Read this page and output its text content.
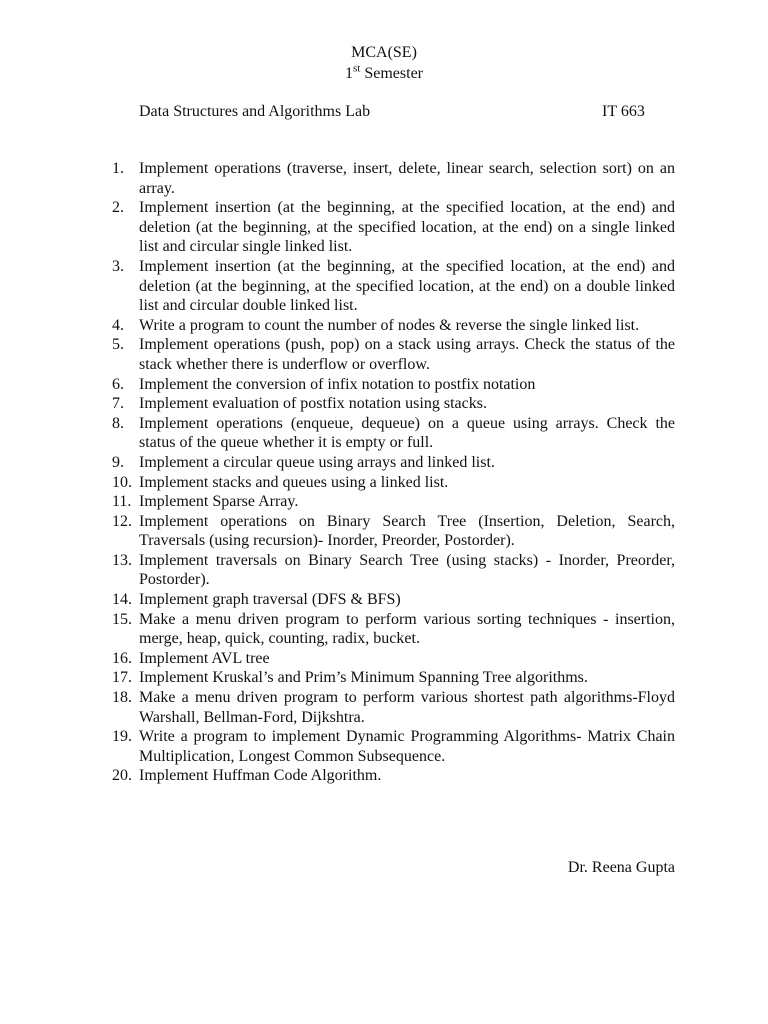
MCA(SE)
1st Semester
Data Structures and Algorithms Lab	IT 663
1. Implement operations (traverse, insert, delete, linear search, selection sort) on an array.
2. Implement insertion (at the beginning, at the specified location, at the end) and deletion (at the beginning, at the specified location, at the end) on a single linked list and circular single linked list.
3. Implement insertion (at the beginning, at the specified location, at the end) and deletion (at the beginning, at the specified location, at the end) on a double linked list and circular double linked list.
4. Write a program to count the number of nodes & reverse the single linked list.
5. Implement operations (push, pop) on a stack using arrays. Check the status of the stack whether there is underflow or overflow.
6. Implement the conversion of infix notation to postfix notation
7. Implement evaluation of postfix notation using stacks.
8. Implement operations (enqueue, dequeue) on a queue using arrays. Check the status of the queue whether it is empty or full.
9. Implement a circular queue using arrays and linked list.
10. Implement stacks and queues using a linked list.
11. Implement Sparse Array.
12. Implement operations on Binary Search Tree (Insertion, Deletion, Search, Traversals (using recursion)- Inorder, Preorder, Postorder).
13. Implement traversals on Binary Search Tree (using stacks) - Inorder, Preorder, Postorder).
14. Implement graph traversal (DFS & BFS)
15. Make a menu driven program to perform various sorting techniques - insertion, merge, heap, quick, counting, radix, bucket.
16. Implement AVL tree
17. Implement Kruskal’s and Prim’s Minimum Spanning Tree algorithms.
18. Make a menu driven program to perform various shortest path algorithms-Floyd Warshall, Bellman-Ford, Dijkshtra.
19. Write a program to implement Dynamic Programming Algorithms- Matrix Chain Multiplication, Longest Common Subsequence.
20. Implement Huffman Code Algorithm.
Dr. Reena Gupta
